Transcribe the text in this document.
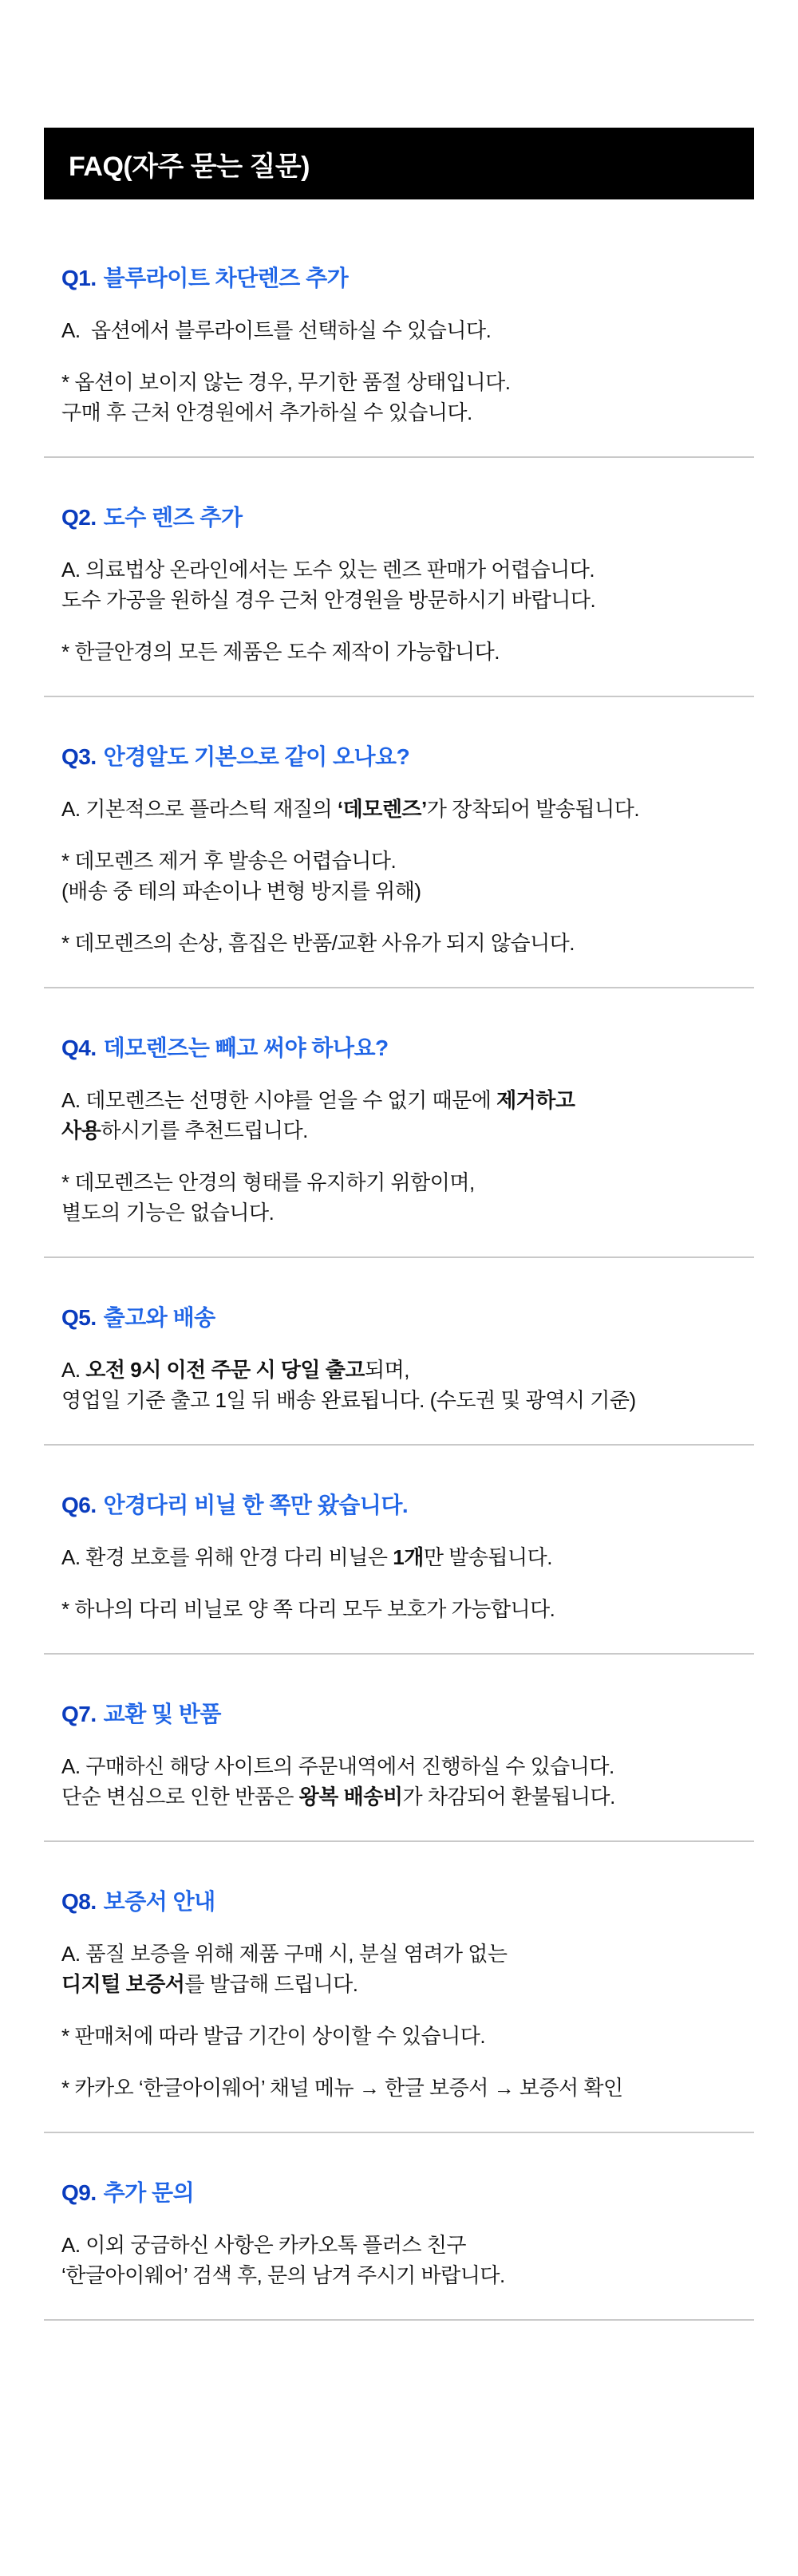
FAQ(자주 묻는 질문)
Q1. 블루라이트 차단렌즈 추가

A.  옵션에서 블루라이트를 선택하실 수 있습니다.

* 옵션이 보이지 않는 경우, 무기한 품절 상태입니다.
구매 후 근처 안경원에서 추가하실 수 있습니다.

Q2. 도수 렌즈 추가

A. 의료법상 온라인에서는 도수 있는 렌즈 판매가 어렵습니다.
도수 가공을 원하실 경우 근처 안경원을 방문하시기 바랍니다.

* 한글안경의 모든 제품은 도수 제작이 가능합니다.

Q3. 안경알도 기본으로 같이 오나요?

A. 기본적으로 플라스틱 재질의 ‘데모렌즈’가 장착되어 발송됩니다.

* 데모렌즈 제거 후 발송은 어렵습니다.
(배송 중 테의 파손이나 변형 방지를 위해)

* 데모렌즈의 손상, 흠집은 반품/교환 사유가 되지 않습니다.

Q4. 데모렌즈는 빼고 써야 하나요?

A. 데모렌즈는 선명한 시야를 얻을 수 없기 때문에 제거하고
사용하시기를 추천드립니다.

* 데모렌즈는 안경의 형태를 유지하기 위함이며,
별도의 기능은 없습니다.

Q5. 출고와 배송

A. 오전 9시 이전 주문 시 당일 출고되며,
영업일 기준 출고 1일 뒤 배송 완료됩니다. (수도권 및 광역시 기준)

Q6. 안경다리 비닐 한 쪽만 왔습니다.

A. 환경 보호를 위해 안경 다리 비닐은 1개만 발송됩니다.

* 하나의 다리 비닐로 양 쪽 다리 모두 보호가 가능합니다.

Q7. 교환 및 반품

A. 구매하신 해당 사이트의 주문내역에서 진행하실 수 있습니다.
단순 변심으로 인한 반품은 왕복 배송비가 차감되어 환불됩니다.

Q8. 보증서 안내

A. 품질 보증을 위해 제품 구매 시, 분실 염려가 없는
디지털 보증서를 발급해 드립니다.

* 판매처에 따라 발급 기간이 상이할 수 있습니다.

* 카카오 ‘한글아이웨어’ 채널 메뉴 → 한글 보증서 → 보증서 확인

Q9. 추가 문의

A. 이외 궁금하신 사항은 카카오톡 플러스 친구
‘한글아이웨어’ 검색 후, 문의 남겨 주시기 바랍니다.
